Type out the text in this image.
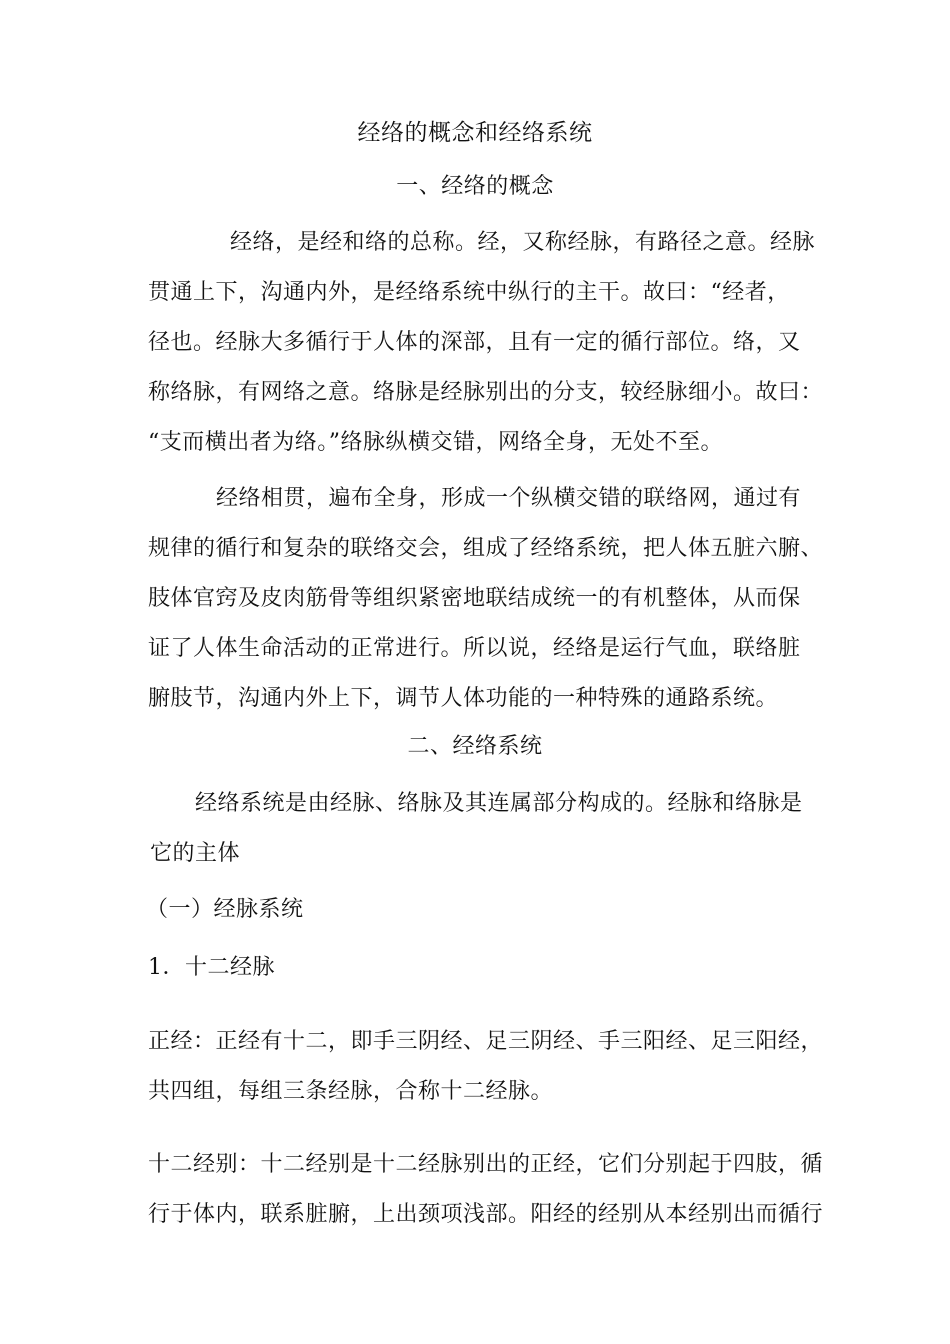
经络的概念和经络系统
一、经络的概念
经络，是经和络的总称。经，又称经脉，有路径之意。经脉
贯通上下，沟通内外，是经络系统中纵行的主干。故曰：“经者，
径也。经脉大多循行于人体的深部，且有一定的循行部位。络，又
称络脉，有网络之意。络脉是经脉别出的分支，较经脉细小。故曰：
“支而横出者为络。”络脉纵横交错，网络全身，无处不至。
经络相贯，遍布全身，形成一个纵横交错的联络网，通过有
规律的循行和复杂的联络交会，组成了经络系统，把人体五脏六腑、
肢体官窍及皮肉筋骨等组织紧密地联结成统一的有机整体，从而保
证了人体生命活动的正常进行。所以说，经络是运行气血，联络脏
腑肢节，沟通内外上下，调节人体功能的一种特殊的通路系统。
二、经络系统
经络系统是由经脉、络脉及其连属部分构成的。经脉和络脉是
它的主体
（一）经脉系统
1．十二经脉
正经：正经有十二，即手三阴经、足三阴经、手三阳经、足三阳经，
共四组，每组三条经脉，合称十二经脉。
十二经别：十二经别是十二经脉别出的正经，它们分别起于四肢，循
行于体内，联系脏腑，上出颈项浅部。阳经的经别从本经别出而循行
